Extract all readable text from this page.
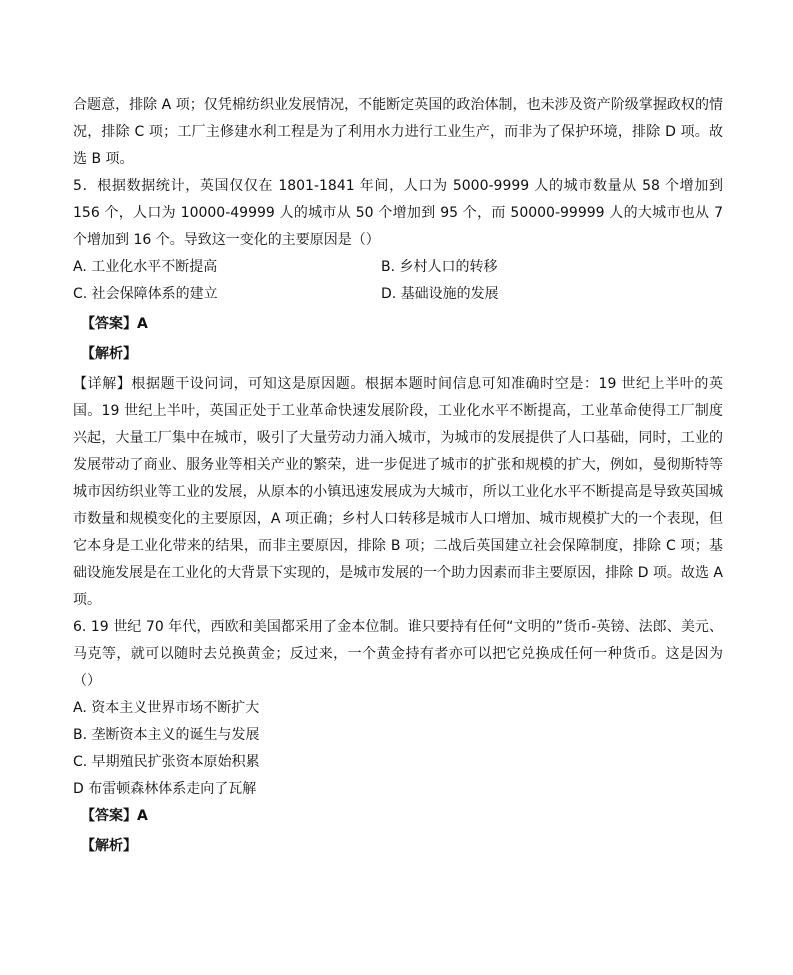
合题意，排除 A 项；仅凭棉纺织业发展情况，不能断定英国的政治体制，也未涉及资产阶级掌握政权的情况，排除 C 项；工厂主修建水利工程是为了利用水力进行工业生产，而非为了保护环境，排除 D 项。故选 B 项。

5．根据数据统计，英国仅仅在 1801-1841 年间，人口为 5000-9999 人的城市数量从 58 个增加到 156 个，人口为 10000-49999 人的城市从 50 个增加到 95 个，而 50000-99999 人的大城市也从 7 个增加到 16 个。导致这一变化的主要原因是（）

A. 工业化水平不断提高	B. 乡村人口的转移

C. 社会保障体系的建立	D. 基础设施的发展

【答案】A

【解析】

【详解】根据题干设问词，可知这是原因题。根据本题时间信息可知准确时空是：19 世纪上半叶的英国。19 世纪上半叶，英国正处于工业革命快速发展阶段，工业化水平不断提高，工业革命使得工厂制度兴起，大量工厂集中在城市，吸引了大量劳动力涌入城市，为城市的发展提供了人口基础，同时，工业的发展带动了商业、服务业等相关产业的繁荣，进一步促进了城市的扩张和规模的扩大，例如，曼彻斯特等城市因纺织业等工业的发展，从原本的小镇迅速发展成为大城市，所以工业化水平不断提高是导致英国城市数量和规模变化的主要原因，A 项正确；乡村人口转移是城市人口增加、城市规模扩大的一个表现，但它本身是工业化带来的结果，而非主要原因，排除 B 项；二战后英国建立社会保障制度，排除 C 项；基础设施发展是在工业化的大背景下实现的，是城市发展的一个助力因素而非主要原因，排除 D 项。故选 A 项。

6. 19 世纪 70 年代，西欧和美国都采用了金本位制。谁只要持有任何“文明的”货币-英镑、法郎、美元、马克等，就可以随时去兑换黄金；反过来，一个黄金持有者亦可以把它兑换成任何一种货币。这是因为（）

A. 资本主义世界市场不断扩大

B. 垄断资本主义的诞生与发展

C. 早期殖民扩张资本原始积累

D 布雷顿森林体系走向了瓦解

【答案】A

【解析】
